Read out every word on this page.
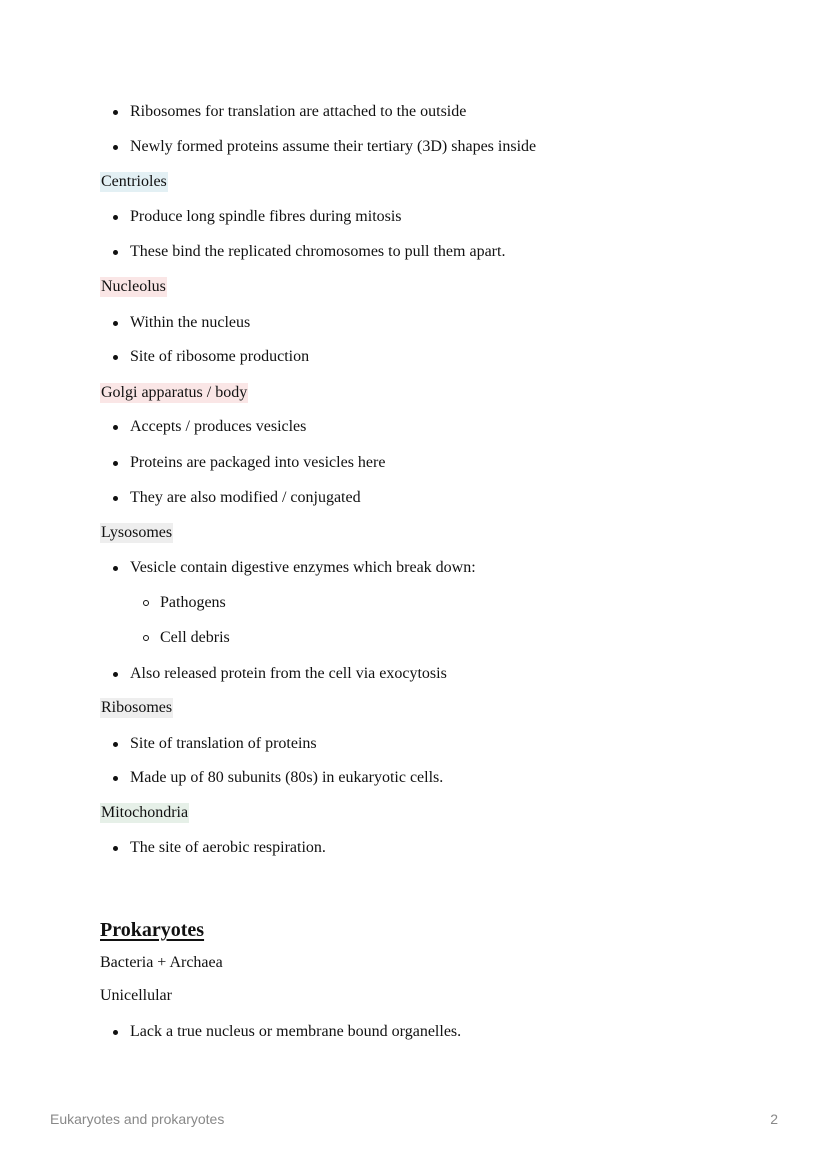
Ribosomes for translation are attached to the outside
Newly formed proteins assume their tertiary (3D) shapes inside
Centrioles
Produce long spindle fibres during mitosis
These bind the replicated chromosomes to pull them apart.
Nucleolus
Within the nucleus
Site of ribosome production
Golgi apparatus / body
Accepts / produces vesicles
Proteins are packaged into vesicles here
They are also modified / conjugated
Lysosomes
Vesicle contain digestive enzymes which break down:
Pathogens
Cell debris
Also released protein from the cell via exocytosis
Ribosomes
Site of translation of proteins
Made up of 80 subunits (80s) in eukaryotic cells.
Mitochondria
The site of aerobic respiration.
Prokaryotes
Bacteria + Archaea
Unicellular
Lack a true nucleus or membrane bound organelles.
Eukaryotes and prokaryotes	2
